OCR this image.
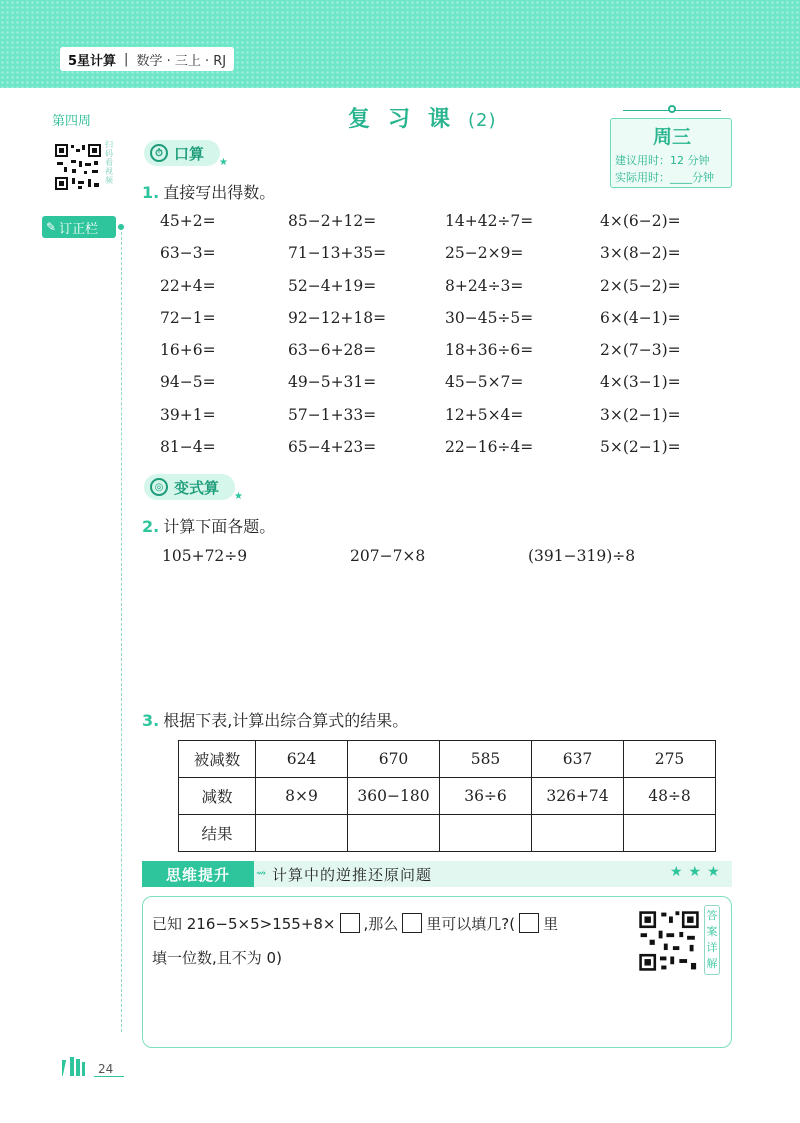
5星计算 | 数学 · 三上 · RJ
第四周
扫码看视频
✎ 订正栏
复习课(2)
周三
建议用时：12 分钟
实际用时：____分钟
⏱ 口算 ★
1. 直接写出得数。
45+2=	85−2+12=	14+42÷7=	4×(6−2)=
63−3=	71−13+35=	25−2×9=	3×(8−2)=
22+4=	52−4+19=	8+24÷3=	2×(5−2)=
72−1=	92−12+18=	30−45÷5=	6×(4−1)=
16+6=	63−6+28=	18+36÷6=	2×(7−3)=
94−5=	49−5+31=	45−5×7=	4×(3−1)=
39+1=	57−1+33=	12+5×4=	3×(2−1)=
81−4=	65−4+23=	22−16÷4=	5×(2−1)=
◎ 变式算 ★
2. 计算下面各题。
105+72÷9	207−7×8	(391−319)÷8
3. 根据下表,计算出综合算式的结果。
被减数	624	670	585	637	275
减数	8×9	360−180	36÷6	326+74	48÷8
结果					
思维提升	⇝ 计算中的逆推还原问题	★★★
已知 216−5×5>155+8× ,那么 里可以填几?( 里
填一位数,且不为 0)
答案详解
24
